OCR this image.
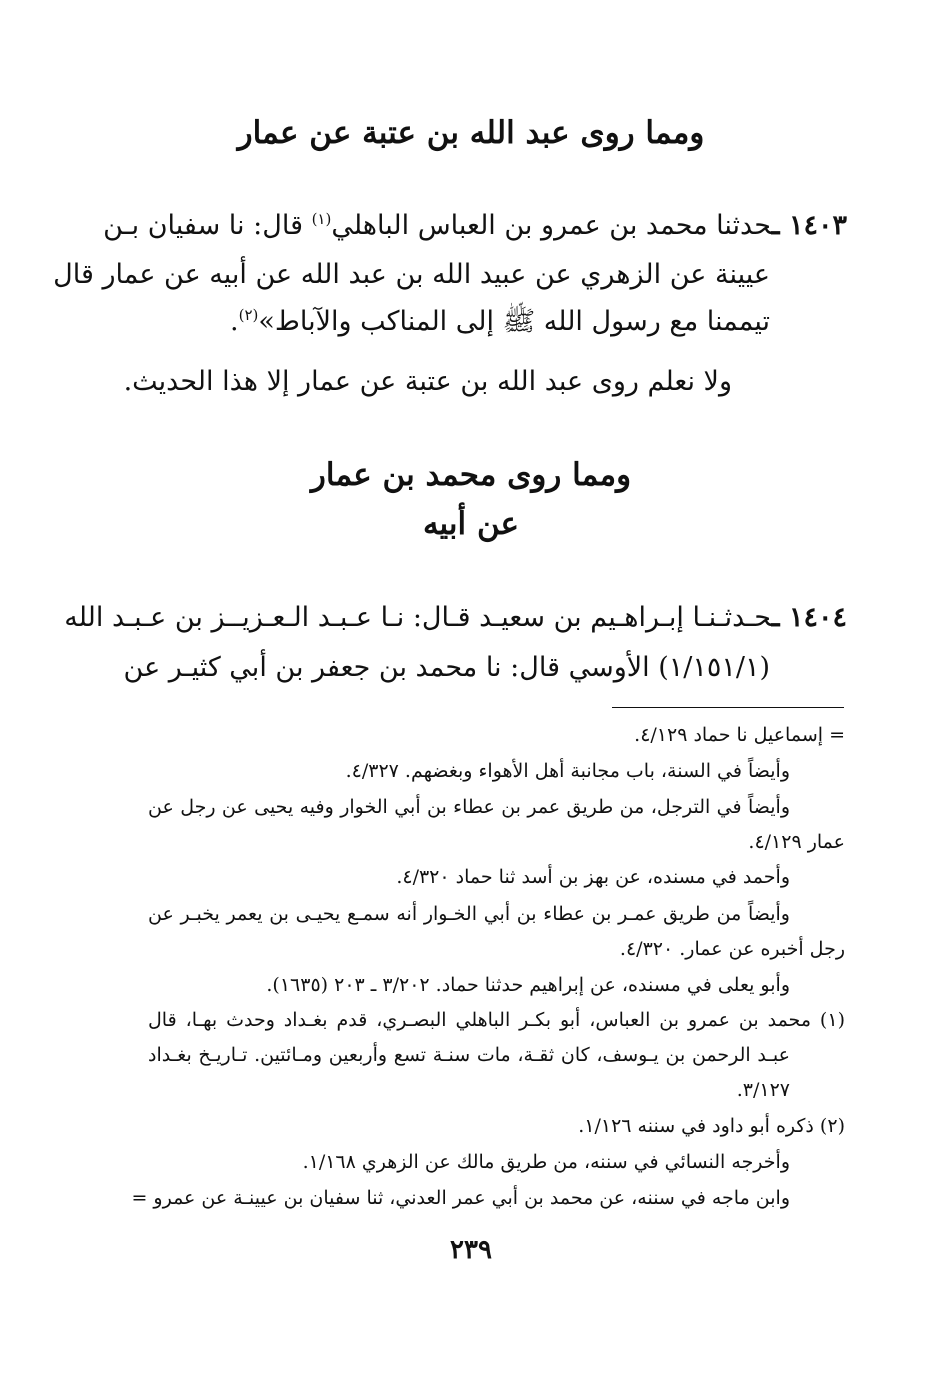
ومما روى عبد الله بن عتبة عن عمار
١٤٠٣ ـحدثنا محمد بن عمرو بن العباس الباهلي$^{(١)}$ قال: نا سفيان بـن
عيينة عن الزهري عن عبيد الله بن عبد الله عن أبيه عن عمار قال
تيممنا مع رسول الله ﷺ إلى المناكب والآباط»$^{(٢)}$.
ولا نعلم روى عبد الله بن عتبة عن عمار إلا هذا الحديث.
ومما روى محمد بن عمار
عن أبيه
١٤٠٤ ـحـدثـنـا إبـراهـيم بن سعيـد قـال: نـا عـبـد الـعـزيــز بن عـبـد الله
(١/١٥١/١) الأوسي قال: نا محمد بن جعفر بن أبي كثيـر عن
= إسماعيل نا حماد ٤/١٢٩.
وأيضاً في السنة، باب مجانبة أهل الأهواء وبغضهم. ٤/٣٢٧.
وأيضاً في الترجل، من طريق عمر بن عطاء بن أبي الخوار وفيه يحيى عن رجل عن
عمار ٤/١٢٩.
وأحمد في مسنده، عن بهز بن أسد ثنا حماد ٤/٣٢٠.
وأيضاً من طريق عمـر بن عطاء بن أبي الخـوار أنه سمـع يحيـى بن يعمر يخبـر عن
رجل أخبره عن عمار. ٤/٣٢٠.
وأبو يعلى في مسنده، عن إبراهيم حدثنا حماد. ٣/٢٠٢ ـ ٢٠٣ (١٦٣٥).
(١) محمد بن عمرو بن العباس، أبو بكـر الباهلي البصـري، قدم بغـداد وحدث بهـا، قال
عبـد الرحمن بن يـوسف، كان ثقـة، مات سنـة تسع وأربعين ومـائتين. تـاريـخ بغـداد
٣/١٢٧.
(٢) ذكره أبو داود في سننه ١/١٢٦.
وأخرجه النسائي في سننه، من طريق مالك عن الزهري ١/١٦٨.
وابن ماجه في سننه، عن محمد بن أبي عمر العدني، ثنا سفيان بن عيينـة عن عمرو =
٢٣٩
